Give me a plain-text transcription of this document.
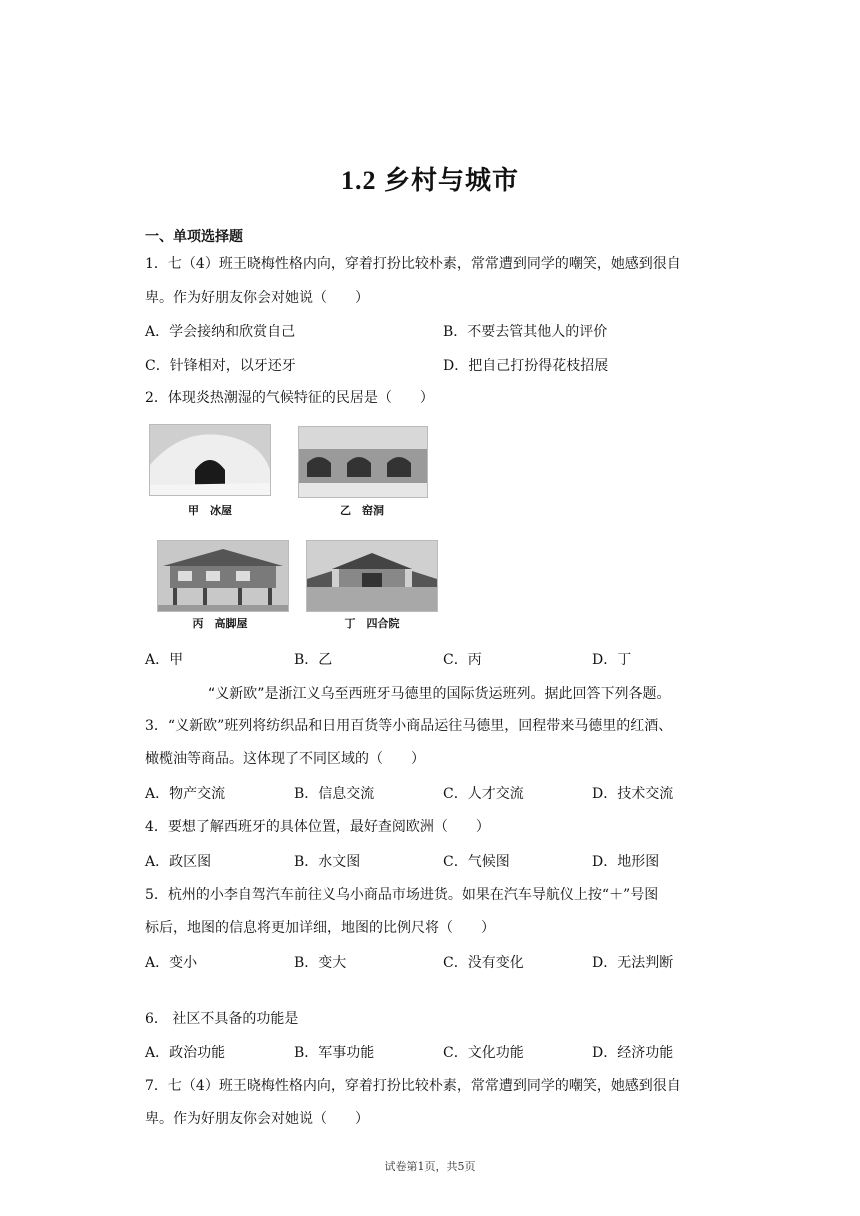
1.2 乡村与城市
一、单项选择题
1．七（4）班王晓梅性格内向，穿着打扮比较朴素，常常遭到同学的嘲笑，她感到很自
卑。作为好朋友你会对她说（　　）
A．学会接纳和欣赏自己	B．不要去管其他人的评价
C．针锋相对，以牙还牙	D．把自己打扮得花枝招展
2．体现炎热潮湿的气候特征的民居是（　　）
甲　冰屋	乙　窑洞
丙　高脚屋	丁　四合院
A．甲	B．乙	C．丙	D．丁
“义新欧”是浙江义乌至西班牙马德里的国际货运班列。据此回答下列各题。
3．“义新欧”班列将纺织品和日用百货等小商品运往马德里，回程带来马德里的红酒、
橄榄油等商品。这体现了不同区域的（　　）
A．物产交流	B．信息交流	C．人才交流	D．技术交流
4．要想了解西班牙的具体位置，最好查阅欧洲（　　）
A．政区图	B．水文图	C．气候图	D．地形图
5．杭州的小李自驾汽车前往义乌小商品市场进货。如果在汽车导航仪上按“＋”号图
标后，地图的信息将更加详细，地图的比例尺将（　　）
A．变小	B．变大	C．没有变化	D．无法判断
6． 社区不具备的功能是
A．政治功能	B．军事功能	C．文化功能	D．经济功能
7．七（4）班王晓梅性格内向，穿着打扮比较朴素，常常遭到同学的嘲笑，她感到很自
卑。作为好朋友你会对她说（　　）
试卷第1页，共5页
